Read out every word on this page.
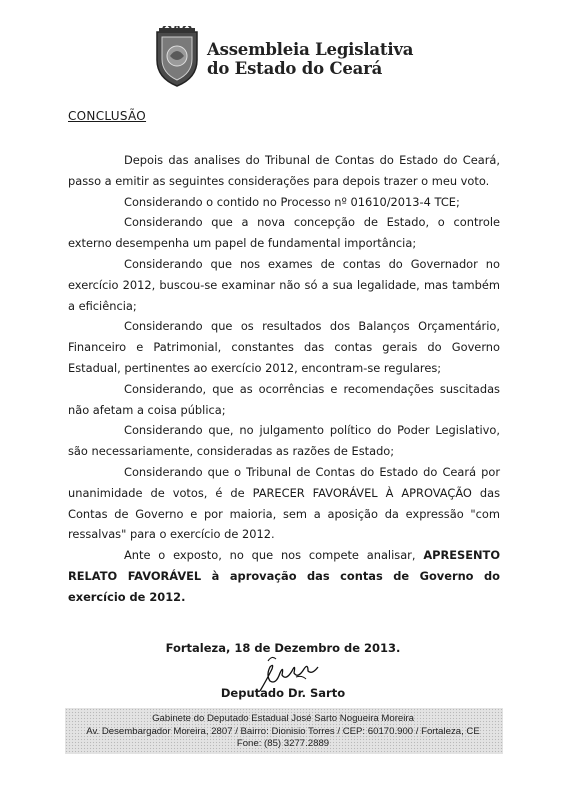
Assembleia Legislativa
do Estado do Ceará
CONCLUSÃO

Depois das analises do Tribunal de Contas do Estado do Ceará, passo a emitir as seguintes considerações para depois trazer o meu voto.

Considerando o contido no Processo nº 01610/2013-4 TCE;

Considerando que a nova concepção de Estado, o controle externo desempenha um papel de fundamental importância;

Considerando que nos exames de contas do Governador no exercício 2012, buscou-se examinar não só a sua legalidade, mas também a eficiência;

Considerando que os resultados dos Balanços Orçamentário, Financeiro e Patrimonial, constantes das contas gerais do Governo Estadual, pertinentes ao exercício 2012, encontram-se regulares;

Considerando, que as ocorrências e recomendações suscitadas não afetam a coisa pública;

Considerando que, no julgamento político do Poder Legislativo, são necessariamente, consideradas as razões de Estado;

Considerando que o Tribunal de Contas do Estado do Ceará por unanimidade de votos, é de PARECER FAVORÁVEL À APROVAÇÃO das Contas de Governo e por maioria, sem a aposição da expressão "com ressalvas" para o exercício de 2012.

Ante o exposto, no que nos compete analisar, APRESENTO RELATO FAVORÁVEL à aprovação das contas de Governo do exercício de 2012.

Fortaleza, 18 de Dezembro de 2013.
Deputado Dr. Sarto
Gabinete do Deputado Estadual José Sarto Nogueira Moreira
Av. Desembargador Moreira, 2807 / Bairro: Dionisio Torres / CEP: 60170.900 / Fortaleza, CE
Fone: (85) 3277.2889
